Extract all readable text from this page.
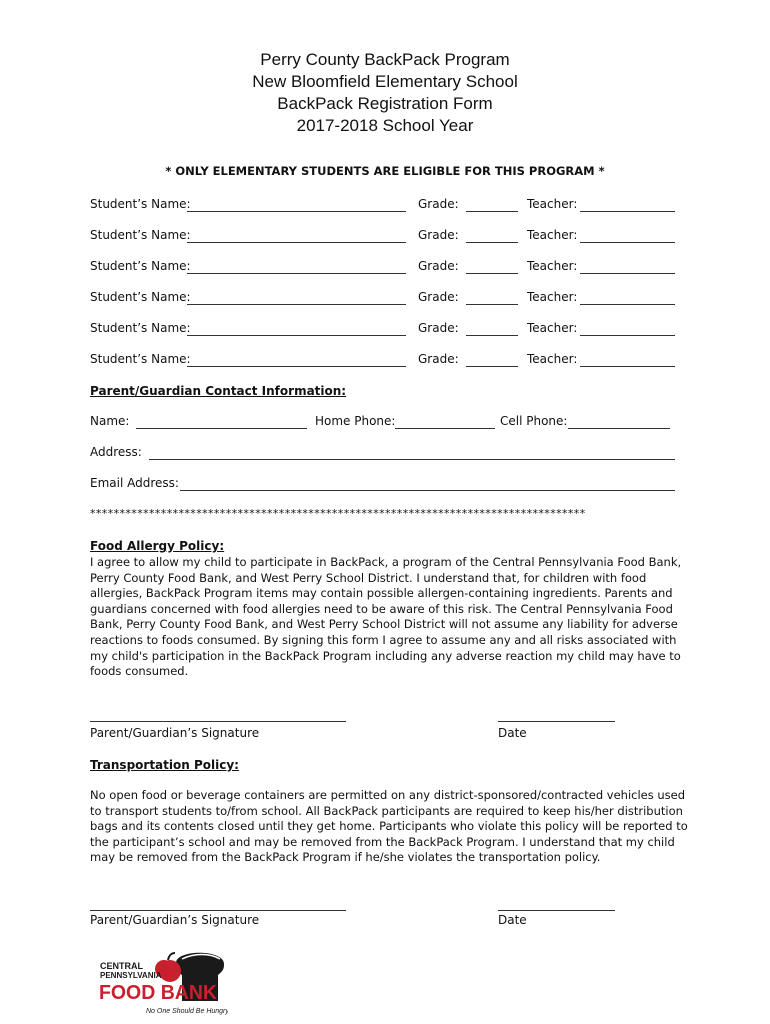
Perry County BackPack Program
New Bloomfield Elementary School
BackPack Registration Form
2017-2018 School Year
* ONLY ELEMENTARY STUDENTS ARE ELIGIBLE FOR THIS PROGRAM *
Student’s Name:	Grade:	Teacher:
Student’s Name:	Grade:	Teacher:
Student’s Name:	Grade:	Teacher:
Student’s Name:	Grade:	Teacher:
Student’s Name:	Grade:	Teacher:
Student’s Name:	Grade:	Teacher:
Parent/Guardian Contact Information:
Name:	Home Phone:	Cell Phone:
Address:
Email Address:
************************************************************************************
Food Allergy Policy:
I agree to allow my child to participate in BackPack, a program of the Central Pennsylvania Food Bank, Perry County Food Bank, and West Perry School District. I understand that, for children with food allergies, BackPack Program items may contain possible allergen-containing ingredients. Parents and guardians concerned with food allergies need to be aware of this risk. The Central Pennsylvania Food Bank, Perry County Food Bank, and West Perry School District will not assume any liability for adverse reactions to foods consumed. By signing this form I agree to assume any and all risks associated with my child's participation in the BackPack Program including any adverse reaction my child may have to foods consumed.
Parent/Guardian’s Signature	Date
Transportation Policy:
No open food or beverage containers are permitted on any district-sponsored/contracted vehicles used to transport students to/from school. All BackPack participants are required to keep his/her distribution bags and its contents closed until they get home. Participants who violate this policy will be reported to the participant’s school and may be removed from the BackPack Program. I understand that my child may be removed from the BackPack Program if he/she violates the transportation policy.
Parent/Guardian’s Signature	Date
CENTRAL
PENNSYLVANIA
FOOD BANK
No One Should Be Hungry
